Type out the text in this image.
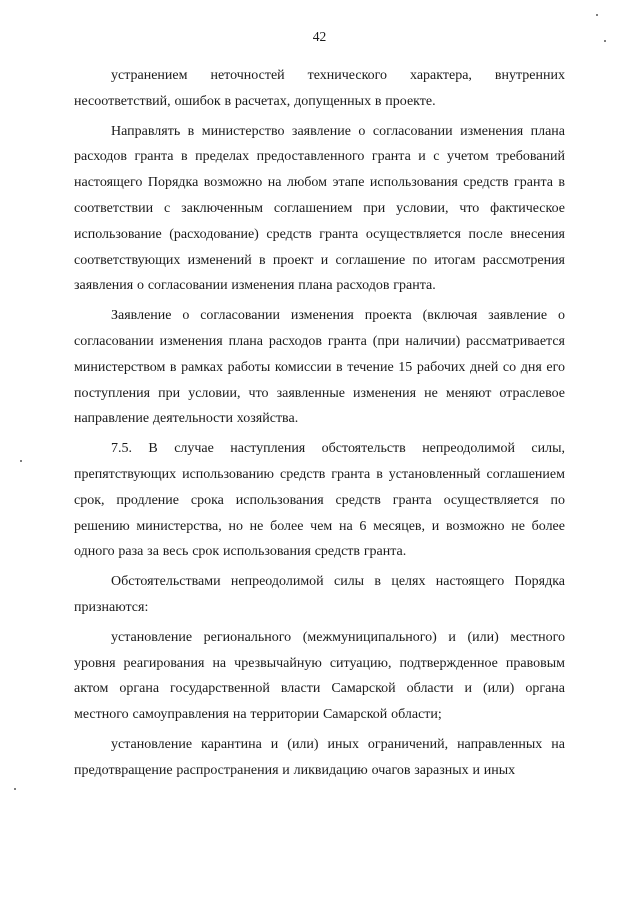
42

устранением неточностей технического характера, внутренних несоответствий, ошибок в расчетах, допущенных в проекте.

Направлять в министерство заявление о согласовании изменения плана расходов гранта в пределах предоставленного гранта и с учетом требований настоящего Порядка возможно на любом этапе использования средств гранта в соответствии с заключенным соглашением при условии, что фактическое использование (расходование) средств гранта осуществляется после внесения соответствующих изменений в проект и соглашение по итогам рассмотрения заявления о согласовании изменения плана расходов гранта.

Заявление о согласовании изменения проекта (включая заявление о согласовании изменения плана расходов гранта (при наличии) рассматривается министерством в рамках работы комиссии в течение 15 рабочих дней со дня его поступления при условии, что заявленные изменения не меняют отраслевое направление деятельности хозяйства.

7.5. В случае наступления обстоятельств непреодолимой силы, препятствующих использованию средств гранта в установленный соглашением срок, продление срока использования средств гранта осуществляется по решению министерства, но не более чем на 6 месяцев, и возможно не более одного раза за весь срок использования средств гранта.

Обстоятельствами непреодолимой силы в целях настоящего Порядка признаются:

установление регионального (межмуниципального) и (или) местного уровня реагирования на чрезвычайную ситуацию, подтвержденное правовым актом органа государственной власти Самарской области и (или) органа местного самоуправления на территории Самарской области;

установление карантина и (или) иных ограничений, направленных на предотвращение распространения и ликвидацию очагов заразных и иных
